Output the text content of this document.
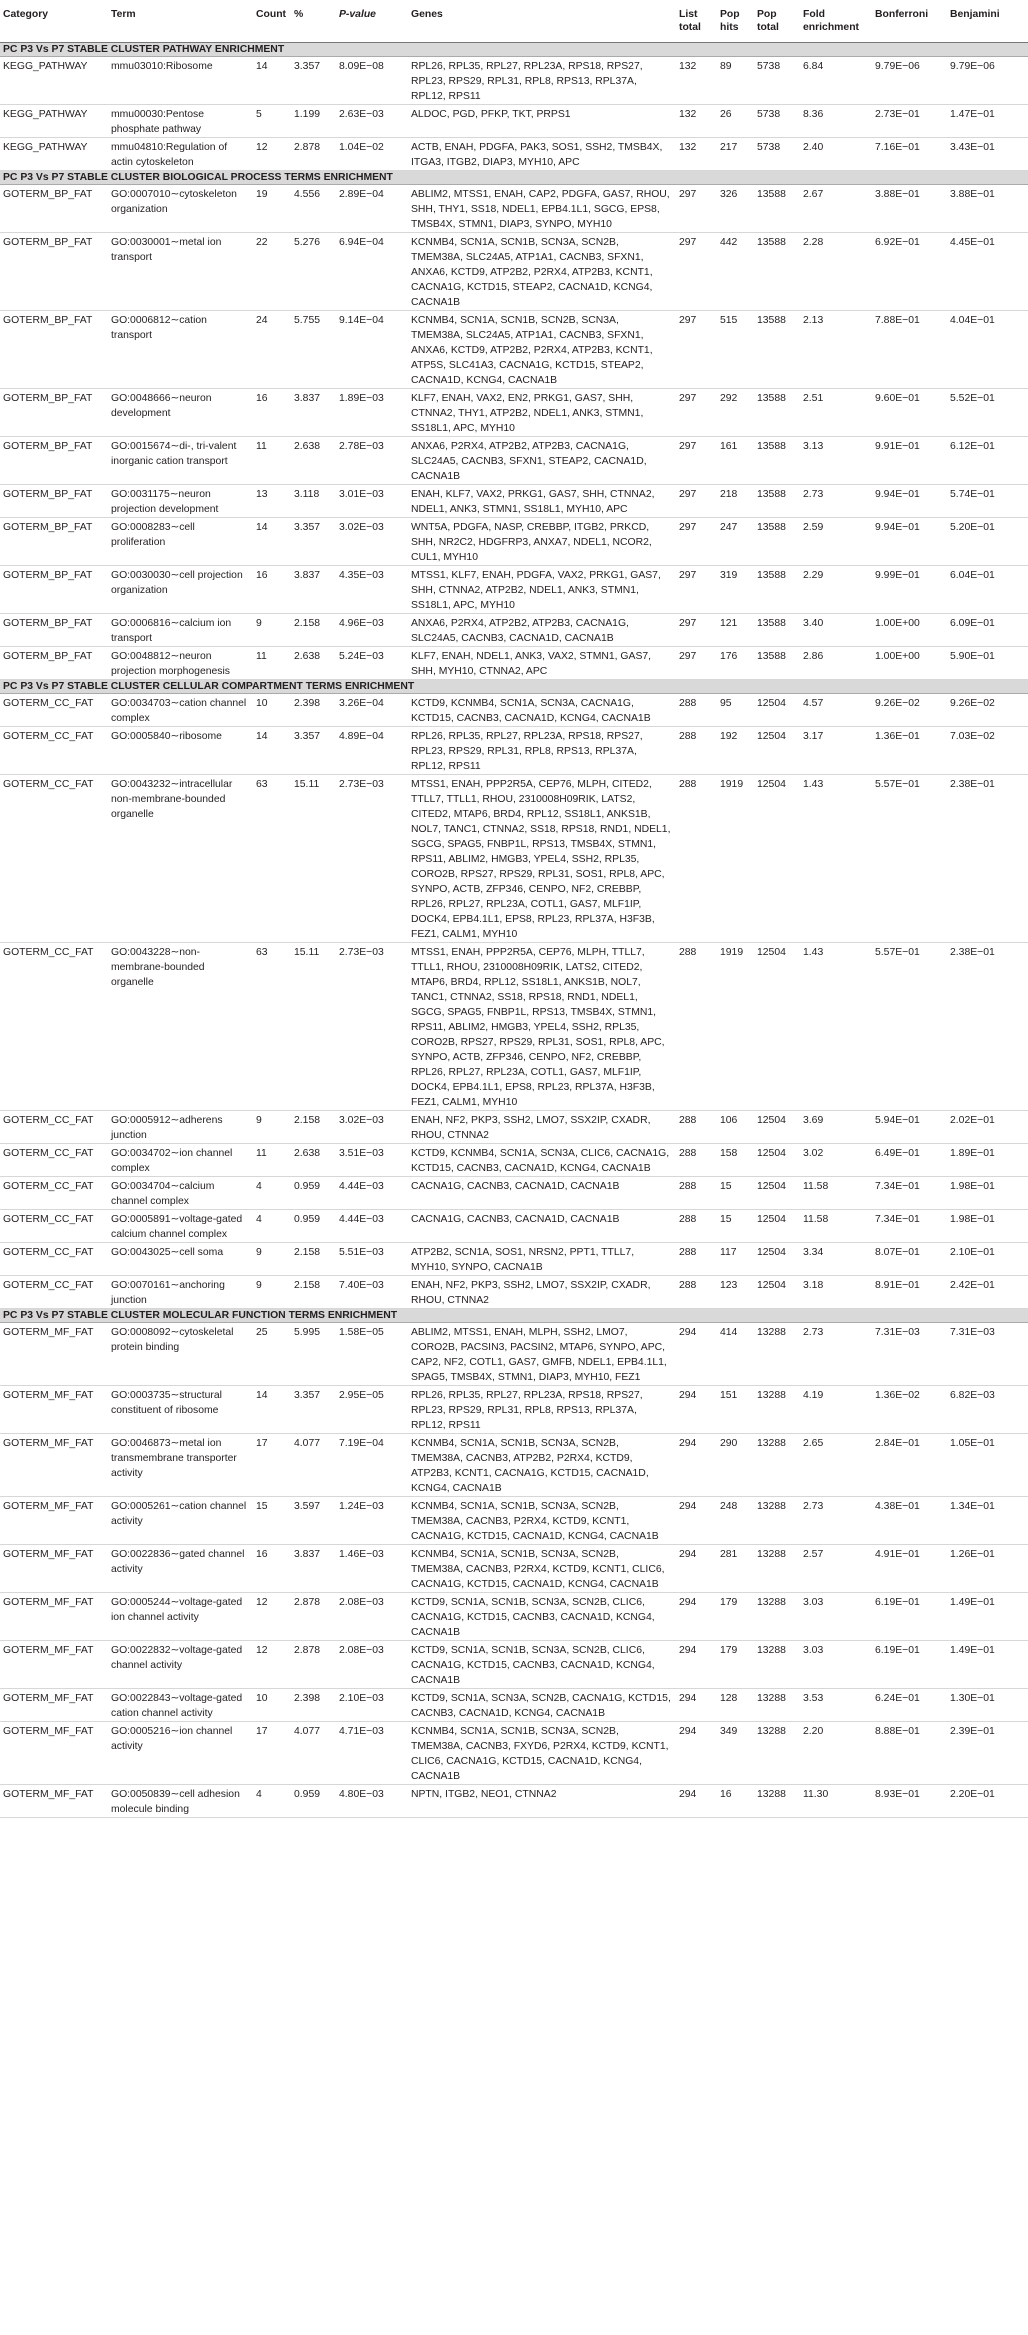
Category	Term	Count	%	P-value	Genes	List total	Pop hits	Pop total	Fold enrichment	Bonferroni	Benjamini
PC P3 Vs P7 STABLE CLUSTER PATHWAY ENRICHMENT											
KEGG_PATHWAY	mmu03010:Ribosome	14	3.357	8.09E−08	RPL26, RPL35, RPL27, RPL23A, RPS18, RPS27, RPL23, RPS29, RPL31, RPL8, RPS13, RPL37A, RPL12, RPS11	132	89	5738	6.84	9.79E−06	9.79E−06
KEGG_PATHWAY	mmu00030:Pentose phosphate pathway	5	1.199	2.63E−03	ALDOC, PGD, PFKP, TKT, PRPS1	132	26	5738	8.36	2.73E−01	1.47E−01
KEGG_PATHWAY	mmu04810:Regulation of actin cytoskeleton	12	2.878	1.04E−02	ACTB, ENAH, PDGFA, PAK3, SOS1, SSH2, TMSB4X, ITGA3, ITGB2, DIAP3, MYH10, APC	132	217	5738	2.40	7.16E−01	3.43E−01
PC P3 Vs P7 STABLE CLUSTER BIOLOGICAL PROCESS TERMS ENRICHMENT											
GOTERM_BP_FAT	GO:0007010∼cytoskeleton organization	19	4.556	2.89E−04	ABLIM2, MTSS1, ENAH, CAP2, PDGFA, GAS7, RHOU, SHH, THY1, SS18, NDEL1, EPB4.1L1, SGCG, EPS8, TMSB4X, STMN1, DIAP3, SYNPO, MYH10	297	326	13588	2.67	3.88E−01	3.88E−01
GOTERM_BP_FAT	GO:0030001∼metal ion transport	22	5.276	6.94E−04	KCNMB4, SCN1A, SCN1B, SCN3A, SCN2B, TMEM38A, SLC24A5, ATP1A1, CACNB3, SFXN1, ANXA6, KCTD9, ATP2B2, P2RX4, ATP2B3, KCNT1, CACNA1G, KCTD15, STEAP2, CACNA1D, KCNG4, CACNA1B	297	442	13588	2.28	6.92E−01	4.45E−01
GOTERM_BP_FAT	GO:0006812∼cation transport	24	5.755	9.14E−04	KCNMB4, SCN1A, SCN1B, SCN2B, SCN3A, TMEM38A, SLC24A5, ATP1A1, CACNB3, SFXN1, ANXA6, KCTD9, ATP2B2, P2RX4, ATP2B3, KCNT1, ATP5S, SLC41A3, CACNA1G, KCTD15, STEAP2, CACNA1D, KCNG4, CACNA1B	297	515	13588	2.13	7.88E−01	4.04E−01
GOTERM_BP_FAT	GO:0048666∼neuron development	16	3.837	1.89E−03	KLF7, ENAH, VAX2, EN2, PRKG1, GAS7, SHH, CTNNA2, THY1, ATP2B2, NDEL1, ANK3, STMN1, SS18L1, APC, MYH10	297	292	13588	2.51	9.60E−01	5.52E−01
GOTERM_BP_FAT	GO:0015674∼di-, tri-valent inorganic cation transport	11	2.638	2.78E−03	ANXA6, P2RX4, ATP2B2, ATP2B3, CACNA1G, SLC24A5, CACNB3, SFXN1, STEAP2, CACNA1D, CACNA1B	297	161	13588	3.13	9.91E−01	6.12E−01
GOTERM_BP_FAT	GO:0031175∼neuron projection development	13	3.118	3.01E−03	ENAH, KLF7, VAX2, PRKG1, GAS7, SHH, CTNNA2, NDEL1, ANK3, STMN1, SS18L1, MYH10, APC	297	218	13588	2.73	9.94E−01	5.74E−01
GOTERM_BP_FAT	GO:0008283∼cell proliferation	14	3.357	3.02E−03	WNT5A, PDGFA, NASP, CREBBP, ITGB2, PRKCD, SHH, NR2C2, HDGFRP3, ANXA7, NDEL1, NCOR2, CUL1, MYH10	297	247	13588	2.59	9.94E−01	5.20E−01
GOTERM_BP_FAT	GO:0030030∼cell projection organization	16	3.837	4.35E−03	MTSS1, KLF7, ENAH, PDGFA, VAX2, PRKG1, GAS7, SHH, CTNNA2, ATP2B2, NDEL1, ANK3, STMN1, SS18L1, APC, MYH10	297	319	13588	2.29	9.99E−01	6.04E−01
GOTERM_BP_FAT	GO:0006816∼calcium ion transport	9	2.158	4.96E−03	ANXA6, P2RX4, ATP2B2, ATP2B3, CACNA1G, SLC24A5, CACNB3, CACNA1D, CACNA1B	297	121	13588	3.40	1.00E+00	6.09E−01
GOTERM_BP_FAT	GO:0048812∼neuron projection morphogenesis	11	2.638	5.24E−03	KLF7, ENAH, NDEL1, ANK3, VAX2, STMN1, GAS7, SHH, MYH10, CTNNA2, APC	297	176	13588	2.86	1.00E+00	5.90E−01
PC P3 Vs P7 STABLE CLUSTER CELLULAR COMPARTMENT TERMS ENRICHMENT											
GOTERM_CC_FAT	GO:0034703∼cation channel complex	10	2.398	3.26E−04	KCTD9, KCNMB4, SCN1A, SCN3A, CACNA1G, KCTD15, CACNB3, CACNA1D, KCNG4, CACNA1B	288	95	12504	4.57	9.26E−02	9.26E−02
GOTERM_CC_FAT	GO:0005840∼ribosome	14	3.357	4.89E−04	RPL26, RPL35, RPL27, RPL23A, RPS18, RPS27, RPL23, RPS29, RPL31, RPL8, RPS13, RPL37A, RPL12, RPS11	288	192	12504	3.17	1.36E−01	7.03E−02
GOTERM_CC_FAT	GO:0043232∼intracellular non-membrane-bounded organelle	63	15.11	2.73E−03	MTSS1, ENAH, PPP2R5A, CEP76, MLPH, CITED2, TTLL7, TTLL1, RHOU, 2310008H09RIK, LATS2, CITED2, MTAP6, BRD4, RPL12, SS18L1, ANKS1B, NOL7, TANC1, CTNNA2, SS18, RPS18, RND1, NDEL1, SGCG, SPAG5, FNBP1L, RPS13, TMSB4X, STMN1, RPS11, ABLIM2, HMGB3, YPEL4, SSH2, RPL35, CORO2B, RPS27, RPS29, RPL31, SOS1, RPL8, APC, SYNPO, ACTB, ZFP346, CENPO, NF2, CREBBP, RPL26, RPL27, RPL23A, COTL1, GAS7, MLF1IP, DOCK4, EPB4.1L1, EPS8, RPL23, RPL37A, H3F3B, FEZ1, CALM1, MYH10	288	1919	12504	1.43	5.57E−01	2.38E−01
GOTERM_CC_FAT	GO:0043228∼non-membrane-bounded organelle	63	15.11	2.73E−03	MTSS1, ENAH, PPP2R5A, CEP76, MLPH, TTLL7, TTLL1, RHOU, 2310008H09RIK, LATS2, CITED2, MTAP6, BRD4, RPL12, SS18L1, ANKS1B, NOL7, TANC1, CTNNA2, SS18, RPS18, RND1, NDEL1, SGCG, SPAG5, FNBP1L, RPS13, TMSB4X, STMN1, RPS11, ABLIM2, HMGB3, YPEL4, SSH2, RPL35, CORO2B, RPS27, RPS29, RPL31, SOS1, RPL8, APC, SYNPO, ACTB, ZFP346, CENPO, NF2, CREBBP, RPL26, RPL27, RPL23A, COTL1, GAS7, MLF1IP, DOCK4, EPB4.1L1, EPS8, RPL23, RPL37A, H3F3B, FEZ1, CALM1, MYH10	288	1919	12504	1.43	5.57E−01	2.38E−01
GOTERM_CC_FAT	GO:0005912∼adherens junction	9	2.158	3.02E−03	ENAH, NF2, PKP3, SSH2, LMO7, SSX2IP, CXADR, RHOU, CTNNA2	288	106	12504	3.69	5.94E−01	2.02E−01
GOTERM_CC_FAT	GO:0034702∼ion channel complex	11	2.638	3.51E−03	KCTD9, KCNMB4, SCN1A, SCN3A, CLIC6, CACNA1G, KCTD15, CACNB3, CACNA1D, KCNG4, CACNA1B	288	158	12504	3.02	6.49E−01	1.89E−01
GOTERM_CC_FAT	GO:0034704∼calcium channel complex	4	0.959	4.44E−03	CACNA1G, CACNB3, CACNA1D, CACNA1B	288	15	12504	11.58	7.34E−01	1.98E−01
GOTERM_CC_FAT	GO:0005891∼voltage-gated calcium channel complex	4	0.959	4.44E−03	CACNA1G, CACNB3, CACNA1D, CACNA1B	288	15	12504	11.58	7.34E−01	1.98E−01
GOTERM_CC_FAT	GO:0043025∼cell soma	9	2.158	5.51E−03	ATP2B2, SCN1A, SOS1, NRSN2, PPT1, TTLL7, MYH10, SYNPO, CACNA1B	288	117	12504	3.34	8.07E−01	2.10E−01
GOTERM_CC_FAT	GO:0070161∼anchoring junction	9	2.158	7.40E−03	ENAH, NF2, PKP3, SSH2, LMO7, SSX2IP, CXADR, RHOU, CTNNA2	288	123	12504	3.18	8.91E−01	2.42E−01
PC P3 Vs P7 STABLE CLUSTER MOLECULAR FUNCTION TERMS ENRICHMENT											
GOTERM_MF_FAT	GO:0008092∼cytoskeletal protein binding	25	5.995	1.58E−05	ABLIM2, MTSS1, ENAH, MLPH, SSH2, LMO7, CORO2B, PACSIN3, PACSIN2, MTAP6, SYNPO, APC, CAP2, NF2, COTL1, GAS7, GMFB, NDEL1, EPB4.1L1, SPAG5, TMSB4X, STMN1, DIAP3, MYH10, FEZ1	294	414	13288	2.73	7.31E−03	7.31E−03
GOTERM_MF_FAT	GO:0003735∼structural constituent of ribosome	14	3.357	2.95E−05	RPL26, RPL35, RPL27, RPL23A, RPS18, RPS27, RPL23, RPS29, RPL31, RPL8, RPS13, RPL37A, RPL12, RPS11	294	151	13288	4.19	1.36E−02	6.82E−03
GOTERM_MF_FAT	GO:0046873∼metal ion transmembrane transporter activity	17	4.077	7.19E−04	KCNMB4, SCN1A, SCN1B, SCN3A, SCN2B, TMEM38A, CACNB3, ATP2B2, P2RX4, KCTD9, ATP2B3, KCNT1, CACNA1G, KCTD15, CACNA1D, KCNG4, CACNA1B	294	290	13288	2.65	2.84E−01	1.05E−01
GOTERM_MF_FAT	GO:0005261∼cation channel activity	15	3.597	1.24E−03	KCNMB4, SCN1A, SCN1B, SCN3A, SCN2B, TMEM38A, CACNB3, P2RX4, KCTD9, KCNT1, CACNA1G, KCTD15, CACNA1D, KCNG4, CACNA1B	294	248	13288	2.73	4.38E−01	1.34E−01
GOTERM_MF_FAT	GO:0022836∼gated channel activity	16	3.837	1.46E−03	KCNMB4, SCN1A, SCN1B, SCN3A, SCN2B, TMEM38A, CACNB3, P2RX4, KCTD9, KCNT1, CLIC6, CACNA1G, KCTD15, CACNA1D, KCNG4, CACNA1B	294	281	13288	2.57	4.91E−01	1.26E−01
GOTERM_MF_FAT	GO:0005244∼voltage-gated ion channel activity	12	2.878	2.08E−03	KCTD9, SCN1A, SCN1B, SCN3A, SCN2B, CLIC6, CACNA1G, KCTD15, CACNB3, CACNA1D, KCNG4, CACNA1B	294	179	13288	3.03	6.19E−01	1.49E−01
GOTERM_MF_FAT	GO:0022832∼voltage-gated channel activity	12	2.878	2.08E−03	KCTD9, SCN1A, SCN1B, SCN3A, SCN2B, CLIC6, CACNA1G, KCTD15, CACNB3, CACNA1D, KCNG4, CACNA1B	294	179	13288	3.03	6.19E−01	1.49E−01
GOTERM_MF_FAT	GO:0022843∼voltage-gated cation channel activity	10	2.398	2.10E−03	KCTD9, SCN1A, SCN3A, SCN2B, CACNA1G, KCTD15, CACNB3, CACNA1D, KCNG4, CACNA1B	294	128	13288	3.53	6.24E−01	1.30E−01
GOTERM_MF_FAT	GO:0005216∼ion channel activity	17	4.077	4.71E−03	KCNMB4, SCN1A, SCN1B, SCN3A, SCN2B, TMEM38A, CACNB3, FXYD6, P2RX4, KCTD9, KCNT1, CLIC6, CACNA1G, KCTD15, CACNA1D, KCNG4, CACNA1B	294	349	13288	2.20	8.88E−01	2.39E−01
GOTERM_MF_FAT	GO:0050839∼cell adhesion molecule binding	4	0.959	4.80E−03	NPTN, ITGB2, NEO1, CTNNA2	294	16	13288	11.30	8.93E−01	2.20E−01
